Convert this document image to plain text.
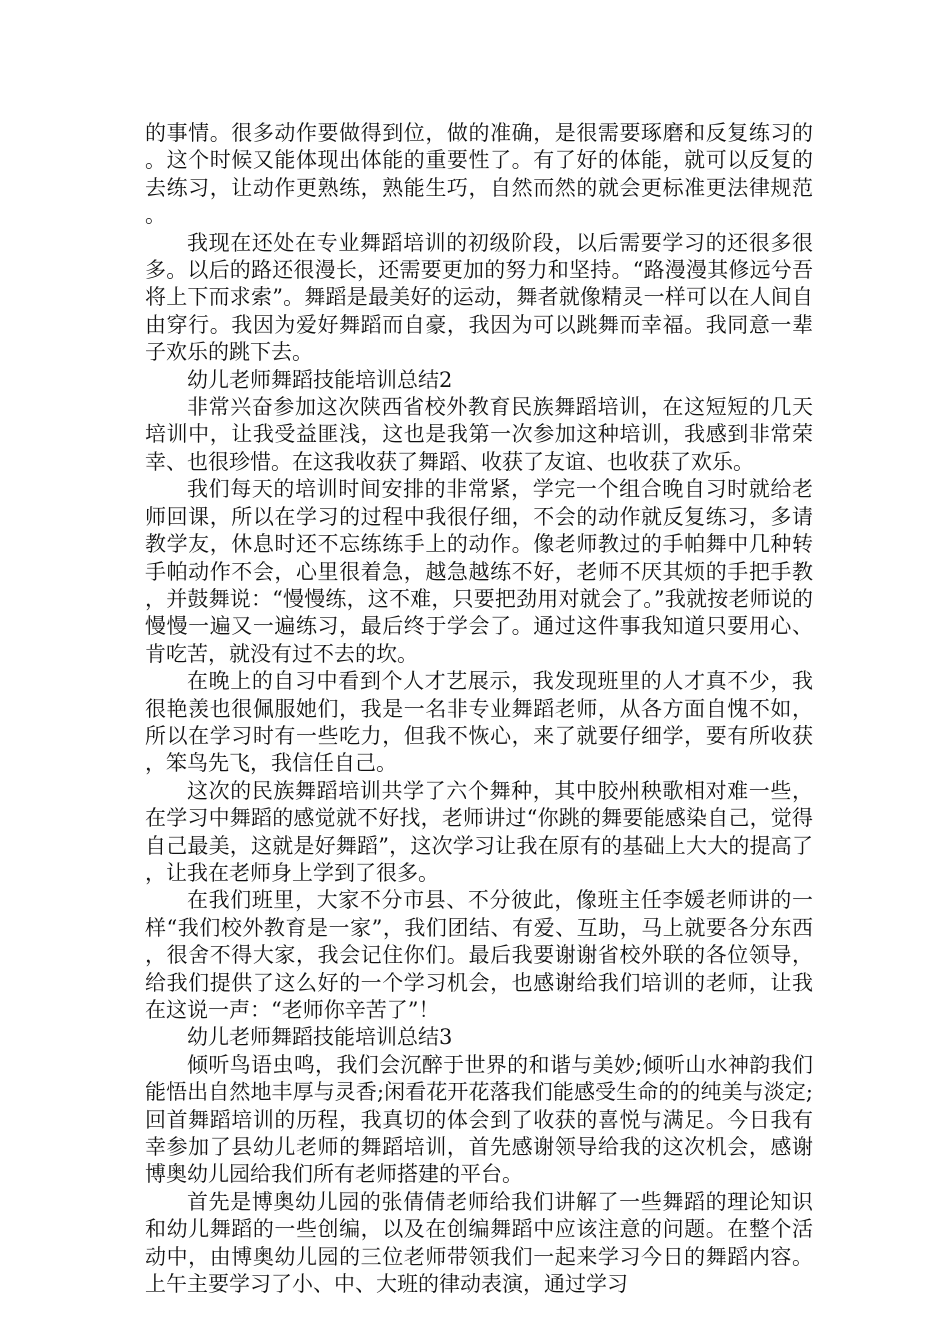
的事情。很多动作要做得到位，做的准确，是很需要琢磨和反复练习的。这个时候又能体现出体能的重要性了。有了好的体能，就可以反复的去练习，让动作更熟练，熟能生巧，自然而然的就会更标准更法律规范。

我现在还处在专业舞蹈培训的初级阶段，以后需要学习的还很多很多。以后的路还很漫长，还需要更加的努力和坚持。“路漫漫其修远兮吾将上下而求索”。舞蹈是最美好的运动，舞者就像精灵一样可以在人间自由穿行。我因为爱好舞蹈而自豪，我因为可以跳舞而幸福。我同意一辈子欢乐的跳下去。

幼儿老师舞蹈技能培训总结2

非常兴奋参加这次陕西省校外教育民族舞蹈培训，在这短短的几天培训中，让我受益匪浅，这也是我第一次参加这种培训，我感到非常荣幸、也很珍惜。在这我收获了舞蹈、收获了友谊、也收获了欢乐。

我们每天的培训时间安排的非常紧，学完一个组合晚自习时就给老师回课，所以在学习的过程中我很仔细，不会的动作就反复练习，多请教学友，休息时还不忘练练手上的动作。像老师教过的手帕舞中几种转手帕动作不会，心里很着急，越急越练不好，老师不厌其烦的手把手教，并鼓舞说：“慢慢练，这不难，只要把劲用对就会了。”我就按老师说的慢慢一遍又一遍练习，最后终于学会了。通过这件事我知道只要用心、肯吃苦，就没有过不去的坎。

在晚上的自习中看到个人才艺展示，我发现班里的人才真不少，我很艳羡也很佩服她们，我是一名非专业舞蹈老师，从各方面自愧不如，所以在学习时有一些吃力，但我不恢心，来了就要仔细学，要有所收获，笨鸟先飞，我信任自己。

这次的民族舞蹈培训共学了六个舞种，其中胶州秧歌相对难一些，在学习中舞蹈的感觉就不好找，老师讲过“你跳的舞要能感染自己，觉得自己最美，这就是好舞蹈”，这次学习让我在原有的基础上大大的提高了，让我在老师身上学到了很多。

在我们班里，大家不分市县、不分彼此，像班主任李媛老师讲的一样“我们校外教育是一家”，我们团结、有爱、互助，马上就要各分东西，很舍不得大家，我会记住你们。最后我要谢谢省校外联的各位领导，给我们提供了这么好的一个学习机会，也感谢给我们培训的老师，让我在这说一声：“老师你辛苦了”！

幼儿老师舞蹈技能培训总结3

倾听鸟语虫鸣，我们会沉醉于世界的和谐与美妙;倾听山水神韵我们能悟出自然地丰厚与灵香;闲看花开花落我们能感受生命的的纯美与淡定;回首舞蹈培训的历程，我真切的体会到了收获的喜悦与满足。今日我有幸参加了县幼儿老师的舞蹈培训，首先感谢领导给我的这次机会，感谢博奥幼儿园给我们所有老师搭建的平台。

首先是博奥幼儿园的张倩倩老师给我们讲解了一些舞蹈的理论知识和幼儿舞蹈的一些创编，以及在创编舞蹈中应该注意的问题。在整个活动中，由博奥幼儿园的三位老师带领我们一起来学习今日的舞蹈内容。上午主要学习了小、中、大班的律动表演，通过学习
